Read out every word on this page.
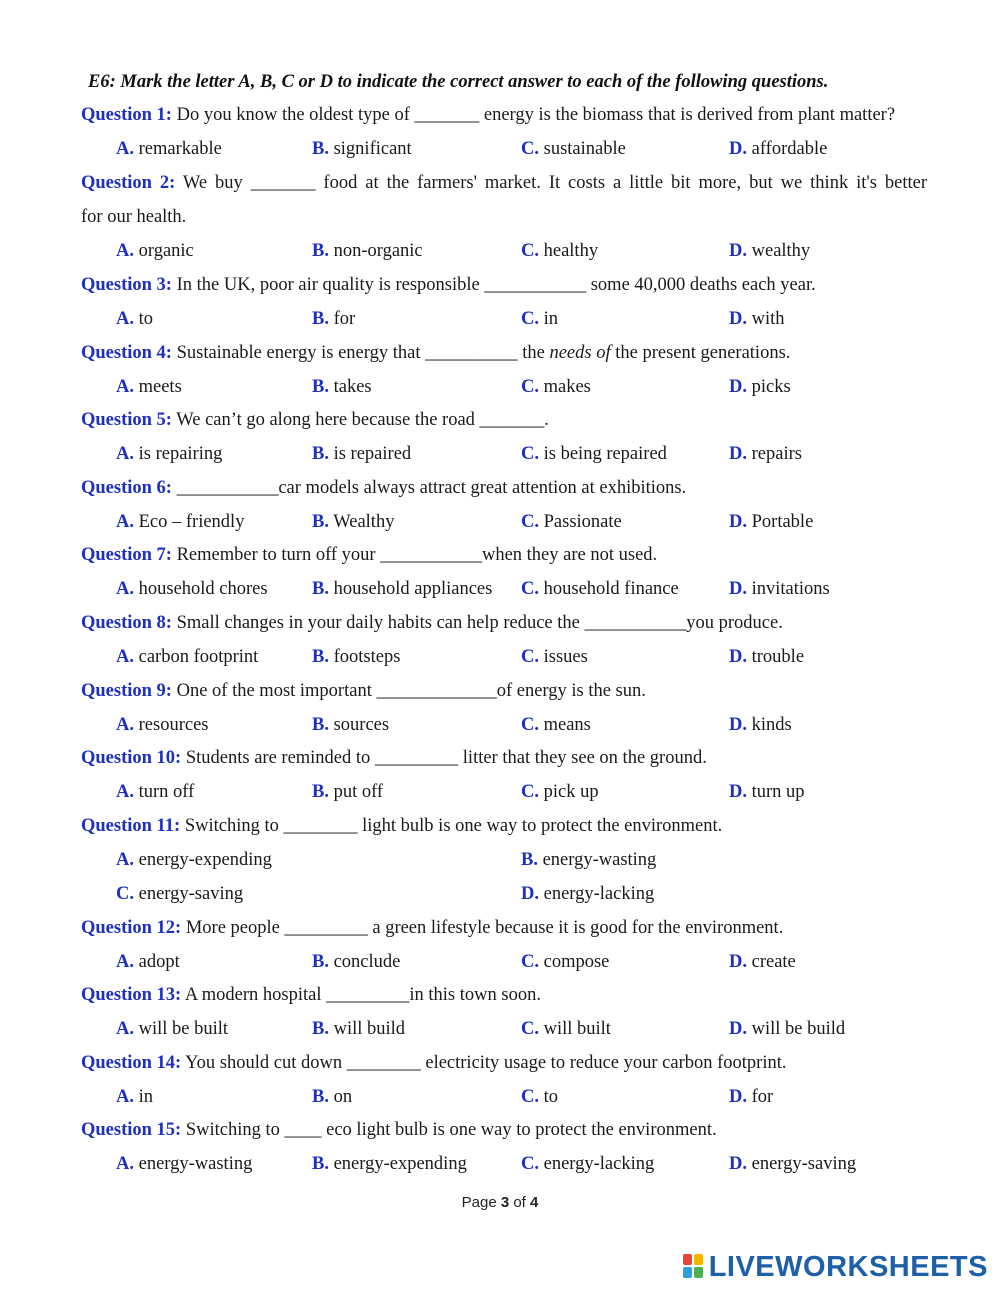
E6: Mark the letter A, B, C or D to indicate the correct answer to each of the following questions.
Question 1: Do you know the oldest type of _______ energy is the biomass that is derived from plant matter?
A. remarkable	B. significant	C. sustainable	D. affordable
Question 2: We buy _______ food at the farmers' market. It costs a little bit more, but we think it's better
for our health.
A. organic	B. non-organic	C. healthy	D. wealthy
Question 3: In the UK, poor air quality is responsible ___________ some 40,000 deaths each year.
A. to	B. for	C. in	D. with
Question 4: Sustainable energy is energy that __________ the needs of the present generations.
A. meets	B. takes	C. makes	D. picks
Question 5: We can’t go along here because the road _______.
A. is repairing	B. is repaired	C. is being repaired	D. repairs
Question 6: ___________car models always attract great attention at exhibitions.
A. Eco – friendly	B. Wealthy	C. Passionate	D. Portable
Question 7: Remember to turn off your ___________when they are not used.
A. household chores B. household appliances C. household finance	D. invitations
Question 8: Small changes in your daily habits can help reduce the ___________you produce.
A. carbon footprint	B. footsteps	C. issues	D. trouble
Question 9: One of the most important _____________of energy is the sun.
A. resources	B. sources	C. means	D. kinds
Question 10: Students are reminded to _________ litter that they see on the ground.
A. turn off	B. put off	C. pick up	D. turn up
Question 11: Switching to ________ light bulb is one way to protect the environment.
A. energy-expending	B. energy-wasting
C. energy-saving	D. energy-lacking
Question 12: More people _________ a green lifestyle because it is good for the environment.
A. adopt	B. conclude	C. compose	D. create
Question 13: A modern hospital _________in this town soon.
A. will be built	B. will build	C. will built	D. will be build
Question 14: You should cut down ________ electricity usage to reduce your carbon footprint.
A. in	B. on	C. to	D. for
Question 15: Switching to ____ eco light bulb is one way to protect the environment.
A. energy-wasting	B. energy-expending	C. energy-lacking	D. energy-saving
Page 3 of 4
LIVEWORKSHEETS
